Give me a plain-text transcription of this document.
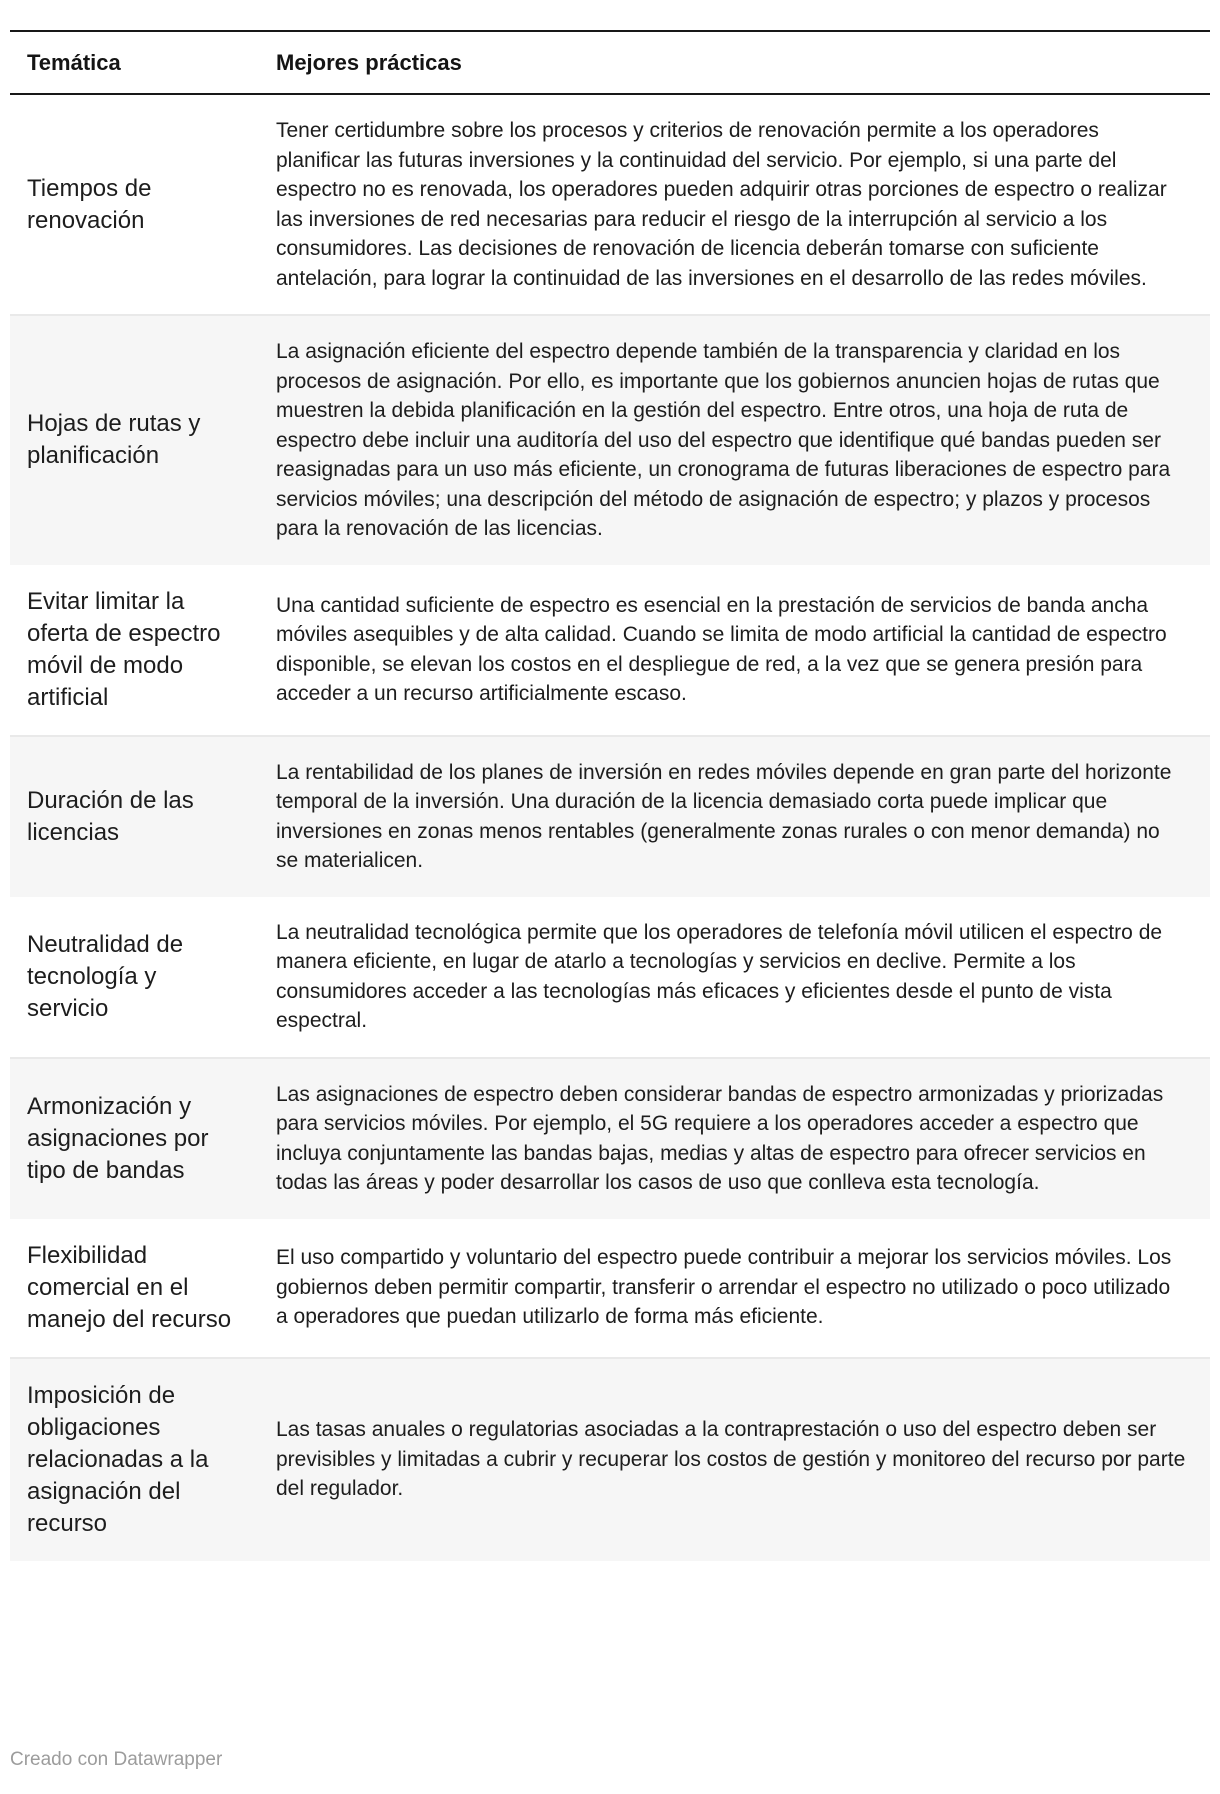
Temática	Mejores prácticas
Tiempos de renovación	Tener certidumbre sobre los procesos y criterios de renovación permite a los operadores planificar las futuras inversiones y la continuidad del servicio. Por ejemplo, si una parte del espectro no es renovada, los operadores pueden adquirir otras porciones de espectro o realizar las inversiones de red necesarias para reducir el riesgo de la interrupción al servicio a los consumidores. Las decisiones de renovación de licencia deberán tomarse con suficiente antelación, para lograr la continuidad de las inversiones en el desarrollo de las redes móviles.
Hojas de rutas y planificación	La asignación eficiente del espectro depende también de la transparencia y claridad en los procesos de asignación. Por ello, es importante que los gobiernos anuncien hojas de rutas que muestren la debida planificación en la gestión del espectro. Entre otros, una hoja de ruta de espectro debe incluir una auditoría del uso del espectro que identifique qué bandas pueden ser reasignadas para un uso más eficiente, un cronograma de futuras liberaciones de espectro para servicios móviles; una descripción del método de asignación de espectro; y plazos y procesos para la renovación de las licencias.
Evitar limitar la oferta de espectro móvil de modo artificial	Una cantidad suficiente de espectro es esencial en la prestación de servicios de banda ancha móviles asequibles y de alta calidad. Cuando se limita de modo artificial la cantidad de espectro disponible, se elevan los costos en el despliegue de red, a la vez que se genera presión para acceder a un recurso artificialmente escaso.
Duración de las licencias	La rentabilidad de los planes de inversión en redes móviles depende en gran parte del horizonte temporal de la inversión. Una duración de la licencia demasiado corta puede implicar que inversiones en zonas menos rentables (generalmente zonas rurales o con menor demanda) no se materialicen.
Neutralidad de tecnología y servicio	La neutralidad tecnológica permite que los operadores de telefonía móvil utilicen el espectro de manera eficiente, en lugar de atarlo a tecnologías y servicios en declive. Permite a los consumidores acceder a las tecnologías más eficaces y eficientes desde el punto de vista espectral.
Armonización y asignaciones por tipo de bandas	Las asignaciones de espectro deben considerar bandas de espectro armonizadas y priorizadas para servicios móviles. Por ejemplo, el 5G requiere a los operadores acceder a espectro que incluya conjuntamente las bandas bajas, medias y altas de espectro para ofrecer servicios en todas las áreas y poder desarrollar los casos de uso que conlleva esta tecnología.
Flexibilidad comercial en el manejo del recurso	El uso compartido y voluntario del espectro puede contribuir a mejorar los servicios móviles. Los gobiernos deben permitir compartir, transferir o arrendar el espectro no utilizado o poco utilizado a operadores que puedan utilizarlo de forma más eficiente.
Imposición de obligaciones relacionadas a la asignación del recurso	Las tasas anuales o regulatorias asociadas a la contraprestación o uso del espectro deben ser previsibles y limitadas a cubrir y recuperar los costos de gestión y monitoreo del recurso por parte del regulador.
Creado con Datawrapper
